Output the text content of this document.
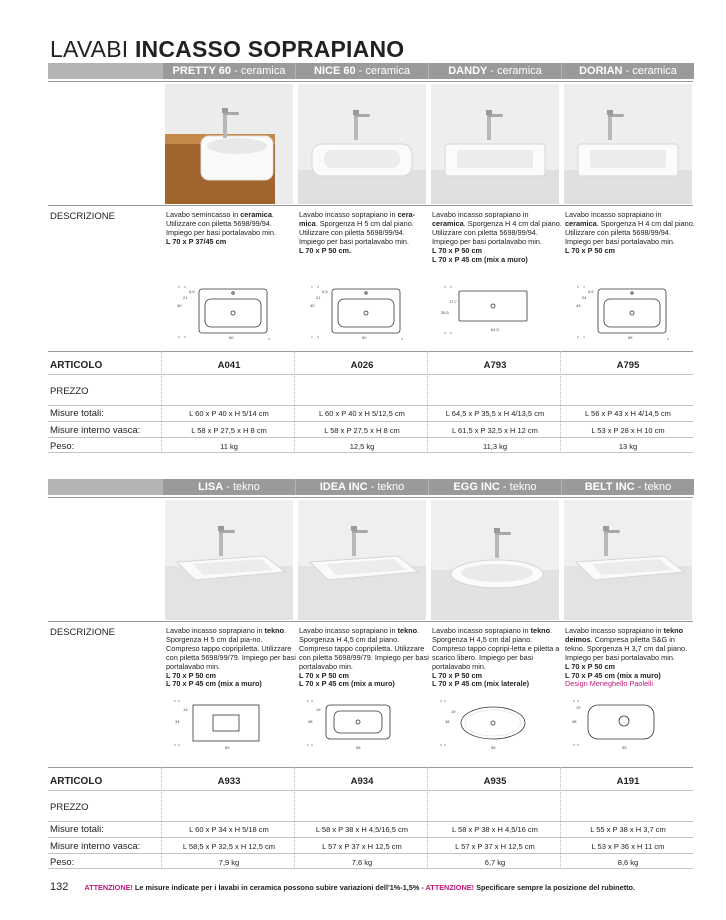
LAVABI INCASSO SOPRAPIANO
DESCRIZIONE
ARTICOLO
PREZZO
Misure totali:
Misure interno vasca:
Peso:
PRETTY 60 - ceramica
Lavabo semincasso in ceramica. Utilizzare con piletta 5698/99/94. Impiego per basi portalavabo min.
L 70 x P 37/45 cm
6,5
21
40
60
A041
L 60 x P 40 x H 5/14 cm
L 58 x P 27,5 x H 8 cm
11 kg
NICE 60 - ceramica
Lavabo incasso soprapiano in cera-mica. Sporgenza H 5 cm dal piano. Utilizzare con piletta 5698/99/94. Impiego per basi portalavabo min.
L 70 x P 50 cm.
6,5
21
40
60
A026
L 60 x P 40 x H 5/12,5 cm
L 58 x P 27,5 x H 8 cm
12,5 kg
DANDY - ceramica
Lavabo incasso soprapiano in ceramica. Sporgenza H 4 cm dal piano. Utilizzare con piletta 5698/99/94. Impiego per basi portalavabo min.
L 70 x P 50 cm
L 70 x P 45 cm (mix a muro)
17,7
35,5
64,5
A793
L 64,5 x P 35,5 x H 4/13,5 cm
L 61,5 x P 32,5 x H 12 cm
11,3 kg
DORIAN - ceramica
Lavabo incasso soprapiano in ceramica. Sporgenza H 4 cm dal piano. Utilizzare con piletta 5698/99/94. Impiego per basi portalavabo min.
L 70 x P 50 cm
5,5
24
43
56
A795
L 56 x P 43 x H 4/14,5 cm
L 53 x P 28 x H 10 cm
13 kg
DESCRIZIONE
ARTICOLO
PREZZO
Misure totali:
Misure interno vasca:
Peso:
LISA - tekno
Lavabo incasso soprapiano in tekno. Sporgenza H 5 cm dal pia-no. Compreso tappo copripiletta. Utilizzare con piletta 5698/99/79. Impiego per basi portalavabo min.
L 70 x P 50 cm
L 70 x P 45 cm (mix a muro)
13
34
60
A933
L 60 x P 34 x H 5/18 cm
L 58,5 x P 32,5 x H 12,5 cm
7,9 kg
IDEA INC - tekno
Lavabo incasso soprapiano in tekno. Sporgenza H 4,5 cm dal piano. Compreso tappo copripiletta. Utilizzare con piletta 5698/99/79. Impiego per basi portalavabo min.
L 70 x P 50 cm
L 70 x P 45 cm (mix a muro)
19
38
58
A934
L 58 x P 38 x H 4,5/16,5 cm
L 57 x P 37 x H 12,5 cm
7,6 kg
EGG INC - tekno
Lavabo incasso soprapiano in tekno. Sporgenza H 4,5 cm dal piano. Compreso tappo copripi-letta e piletta a scarico libero. Impiego per basi portalavabo min.
L 70 x P 50 cm
L 70 x P 45 cm (mix laterale)
19
38
58
A935
L 58 x P 38 x H 4,5/16 cm
L 57 x P 37 x H 12,5 cm
6,7 kg
BELT INC - tekno
Lavabo incasso soprapiano in tekno deimos. Compresa piletta S&G in tekno. Sporgenza H 3,7 cm dal piano. Impiego per basi portalavabo min.
L 70 x P 50 cm
L 70 x P 45 cm (mix a muro)
Design Meneghello Paolelli
19
38
55
A191
L 55 x P 38 x H 3,7 cm
L 53 x P 36 x H 11 cm
8,6 kg
132 ATTENZIONE! Le misure indicate per i lavabi in ceramica possono subire variazioni dell'1%-1,5% - ATTENZIONE! Specificare sempre la posizione del rubinetto.
